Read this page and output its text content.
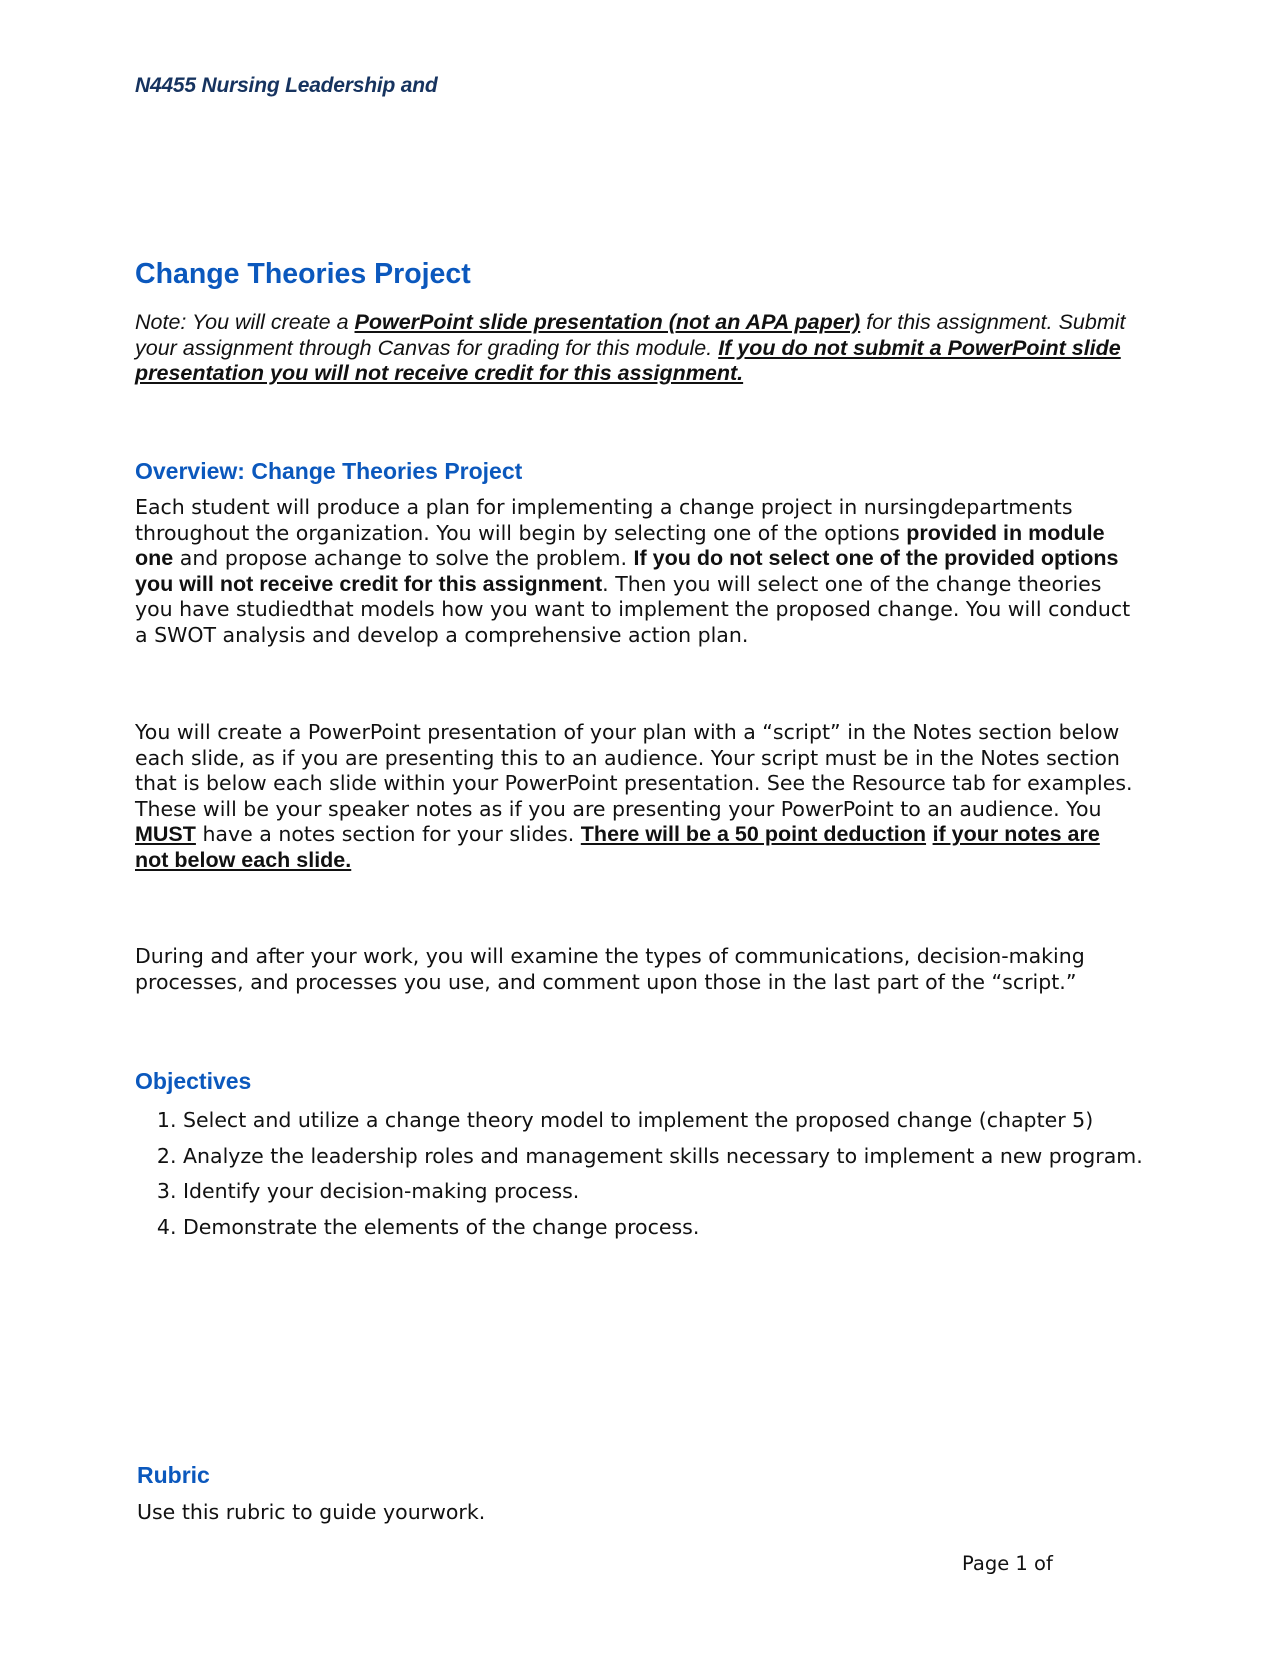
N4455 Nursing Leadership and
Change Theories Project
Note: You will create a PowerPoint slide presentation (not an APA paper) for this assignment. Submit your assignment through Canvas for grading for this module. If you do not submit a PowerPoint slide presentation you will not receive credit for this assignment.
Overview: Change Theories Project
Each student will produce a plan for implementing a change project in nursingdepartments throughout the organization. You will begin by selecting one of the options provided in module one and propose achange to solve the problem. If you do not select one of the provided options you will not receive credit for this assignment. Then you will select one of the change theories you have studiedthat models how you want to implement the proposed change. You will conduct a SWOT analysis and develop a comprehensive action plan.
You will create a PowerPoint presentation of your plan with a “script” in the Notes section below each slide, as if you are presenting this to an audience. Your script must be in the Notes section that is below each slide within your PowerPoint presentation. See the Resource tab for examples. These will be your speaker notes as if you are presenting your PowerPoint to an audience. You MUST have a notes section for your slides. There will be a 50 point deduction if your notes are not below each slide.
During and after your work, you will examine the types of communications, decision-making processes, and processes you use, and comment upon those in the last part of the “script.”
Objectives
1. Select and utilize a change theory model to implement the proposed change (chapter 5)
2. Analyze the leadership roles and management skills necessary to implement a new program.
3. Identify your decision-making process.
4. Demonstrate the elements of the change process.
Rubric
Use this rubric to guide yourwork.
Page 1 of
